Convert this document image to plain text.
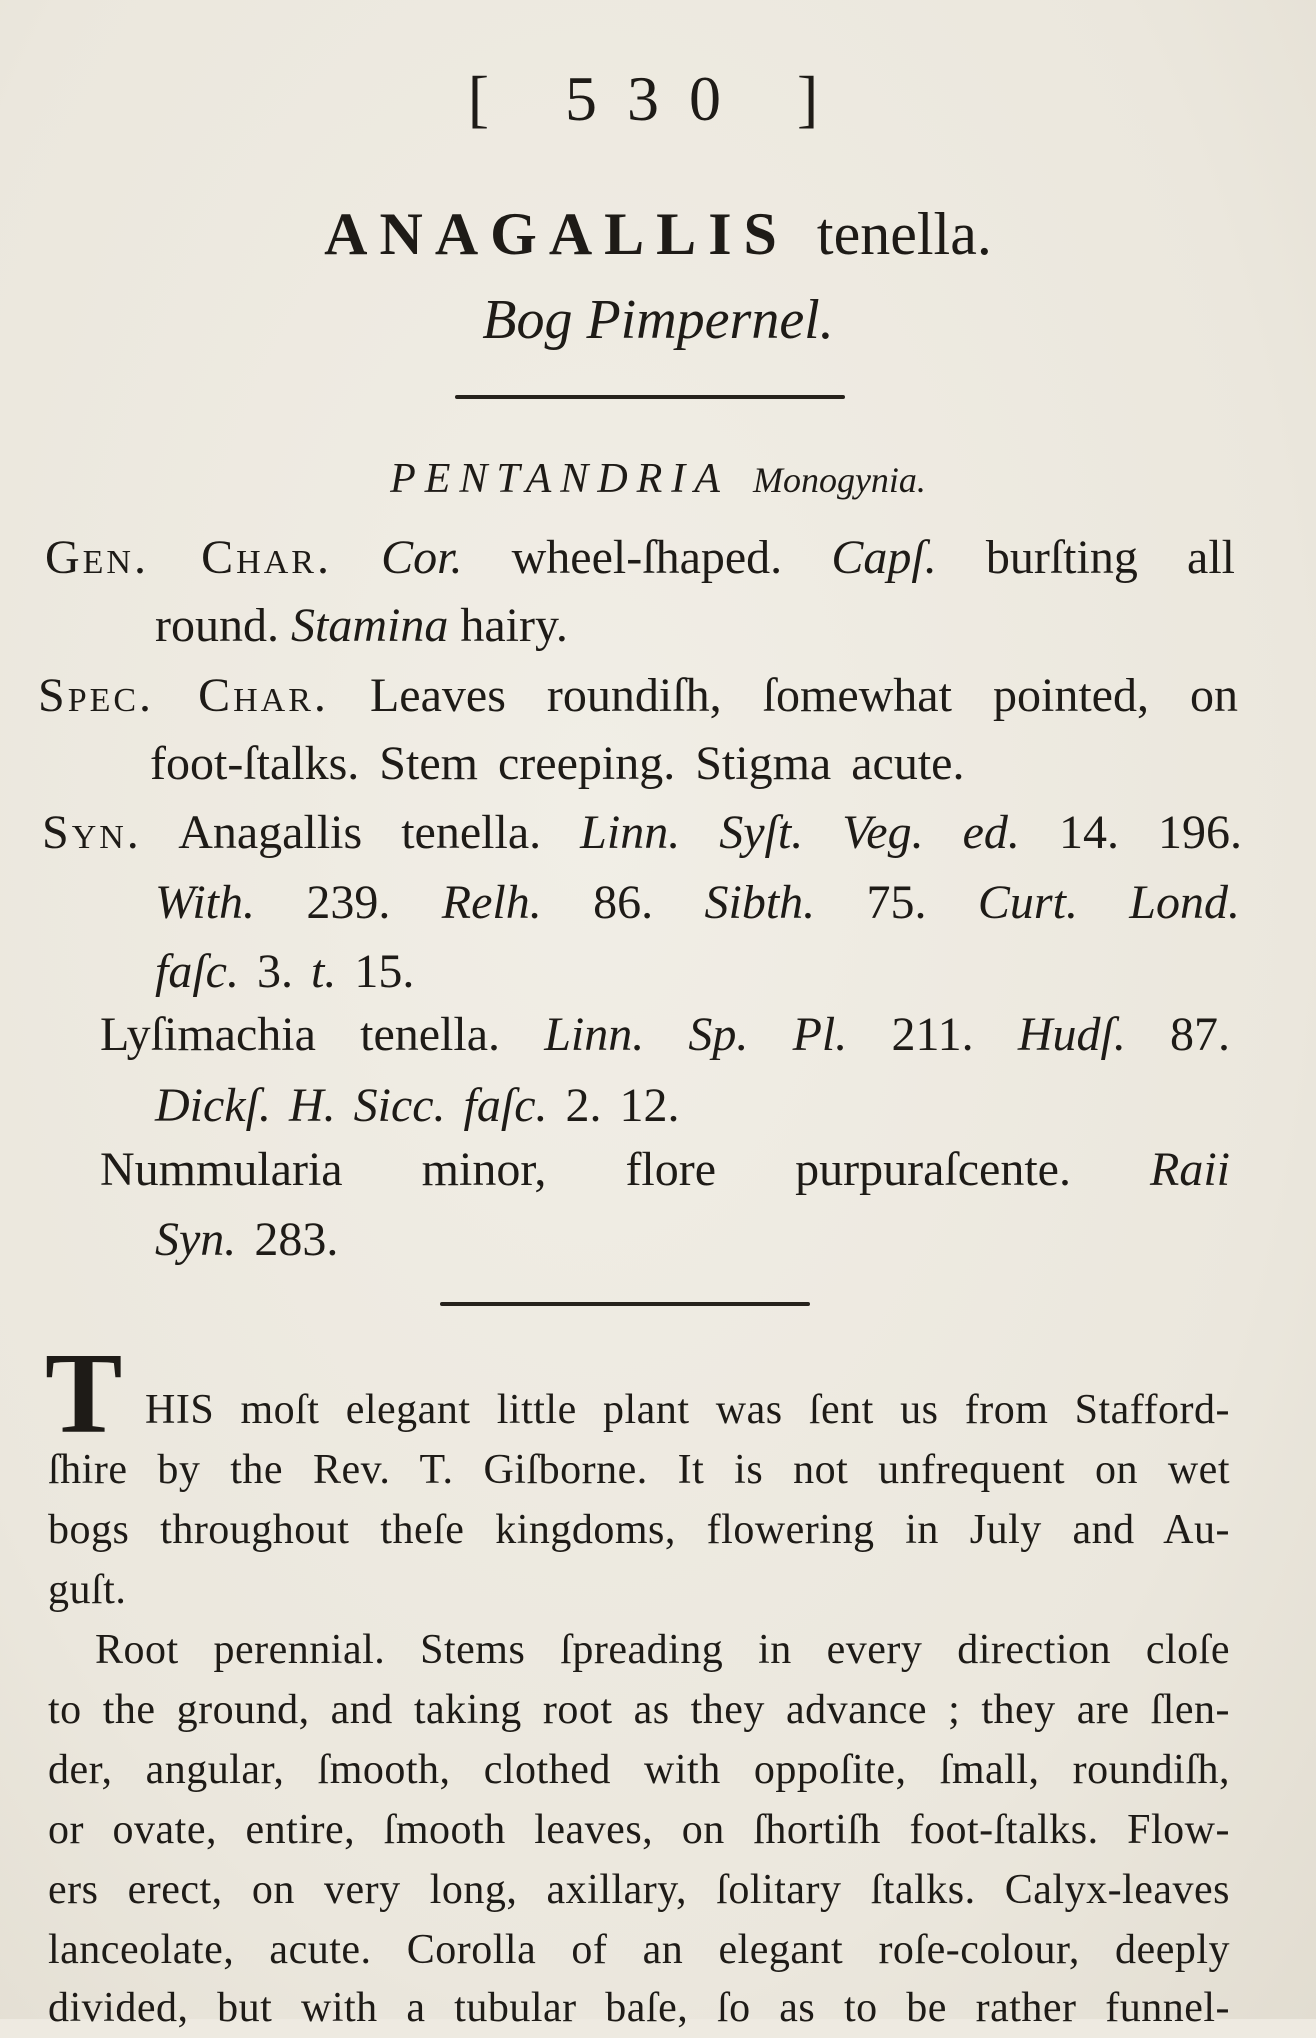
[ 530 ]
ANAGALLIS tenella.
Bog Pimpernel.
PENTANDRIA Monogynia.
Gen. Char. Cor. wheel-ſhaped. Capſ. burſting all
round. Stamina hairy.
Spec. Char. Leaves roundiſh, ſomewhat pointed, on
foot-ſtalks. Stem creeping. Stigma acute.
Syn. Anagallis tenella. Linn. Syſt. Veg. ed. 14. 196.
With. 239. Relh. 86. Sibth. 75. Curt. Lond.
faſc. 3. t. 15.
Lyſimachia tenella. Linn. Sp. Pl. 211. Hudſ. 87.
Dickſ. H. Sicc. faſc. 2. 12.
Nummularia minor, flore purpuraſcente. Raii
Syn. 283.
T HIS moſt elegant little plant was ſent us from Stafford-
ſhire by the Rev. T. Giſborne. It is not unfrequent on wet
bogs throughout theſe kingdoms, flowering in July and Au-
guſt.
Root perennial. Stems ſpreading in every direction cloſe
to the ground, and taking root as they advance ; they are ſlen-
der, angular, ſmooth, clothed with oppoſite, ſmall, roundiſh,
or ovate, entire, ſmooth leaves, on ſhortiſh foot-ſtalks. Flow-
ers erect, on very long, axillary, ſolitary ſtalks. Calyx-leaves
lanceolate, acute. Corolla of an elegant roſe-colour, deeply
divided, but with a tubular baſe, ſo as to be rather funnel-
